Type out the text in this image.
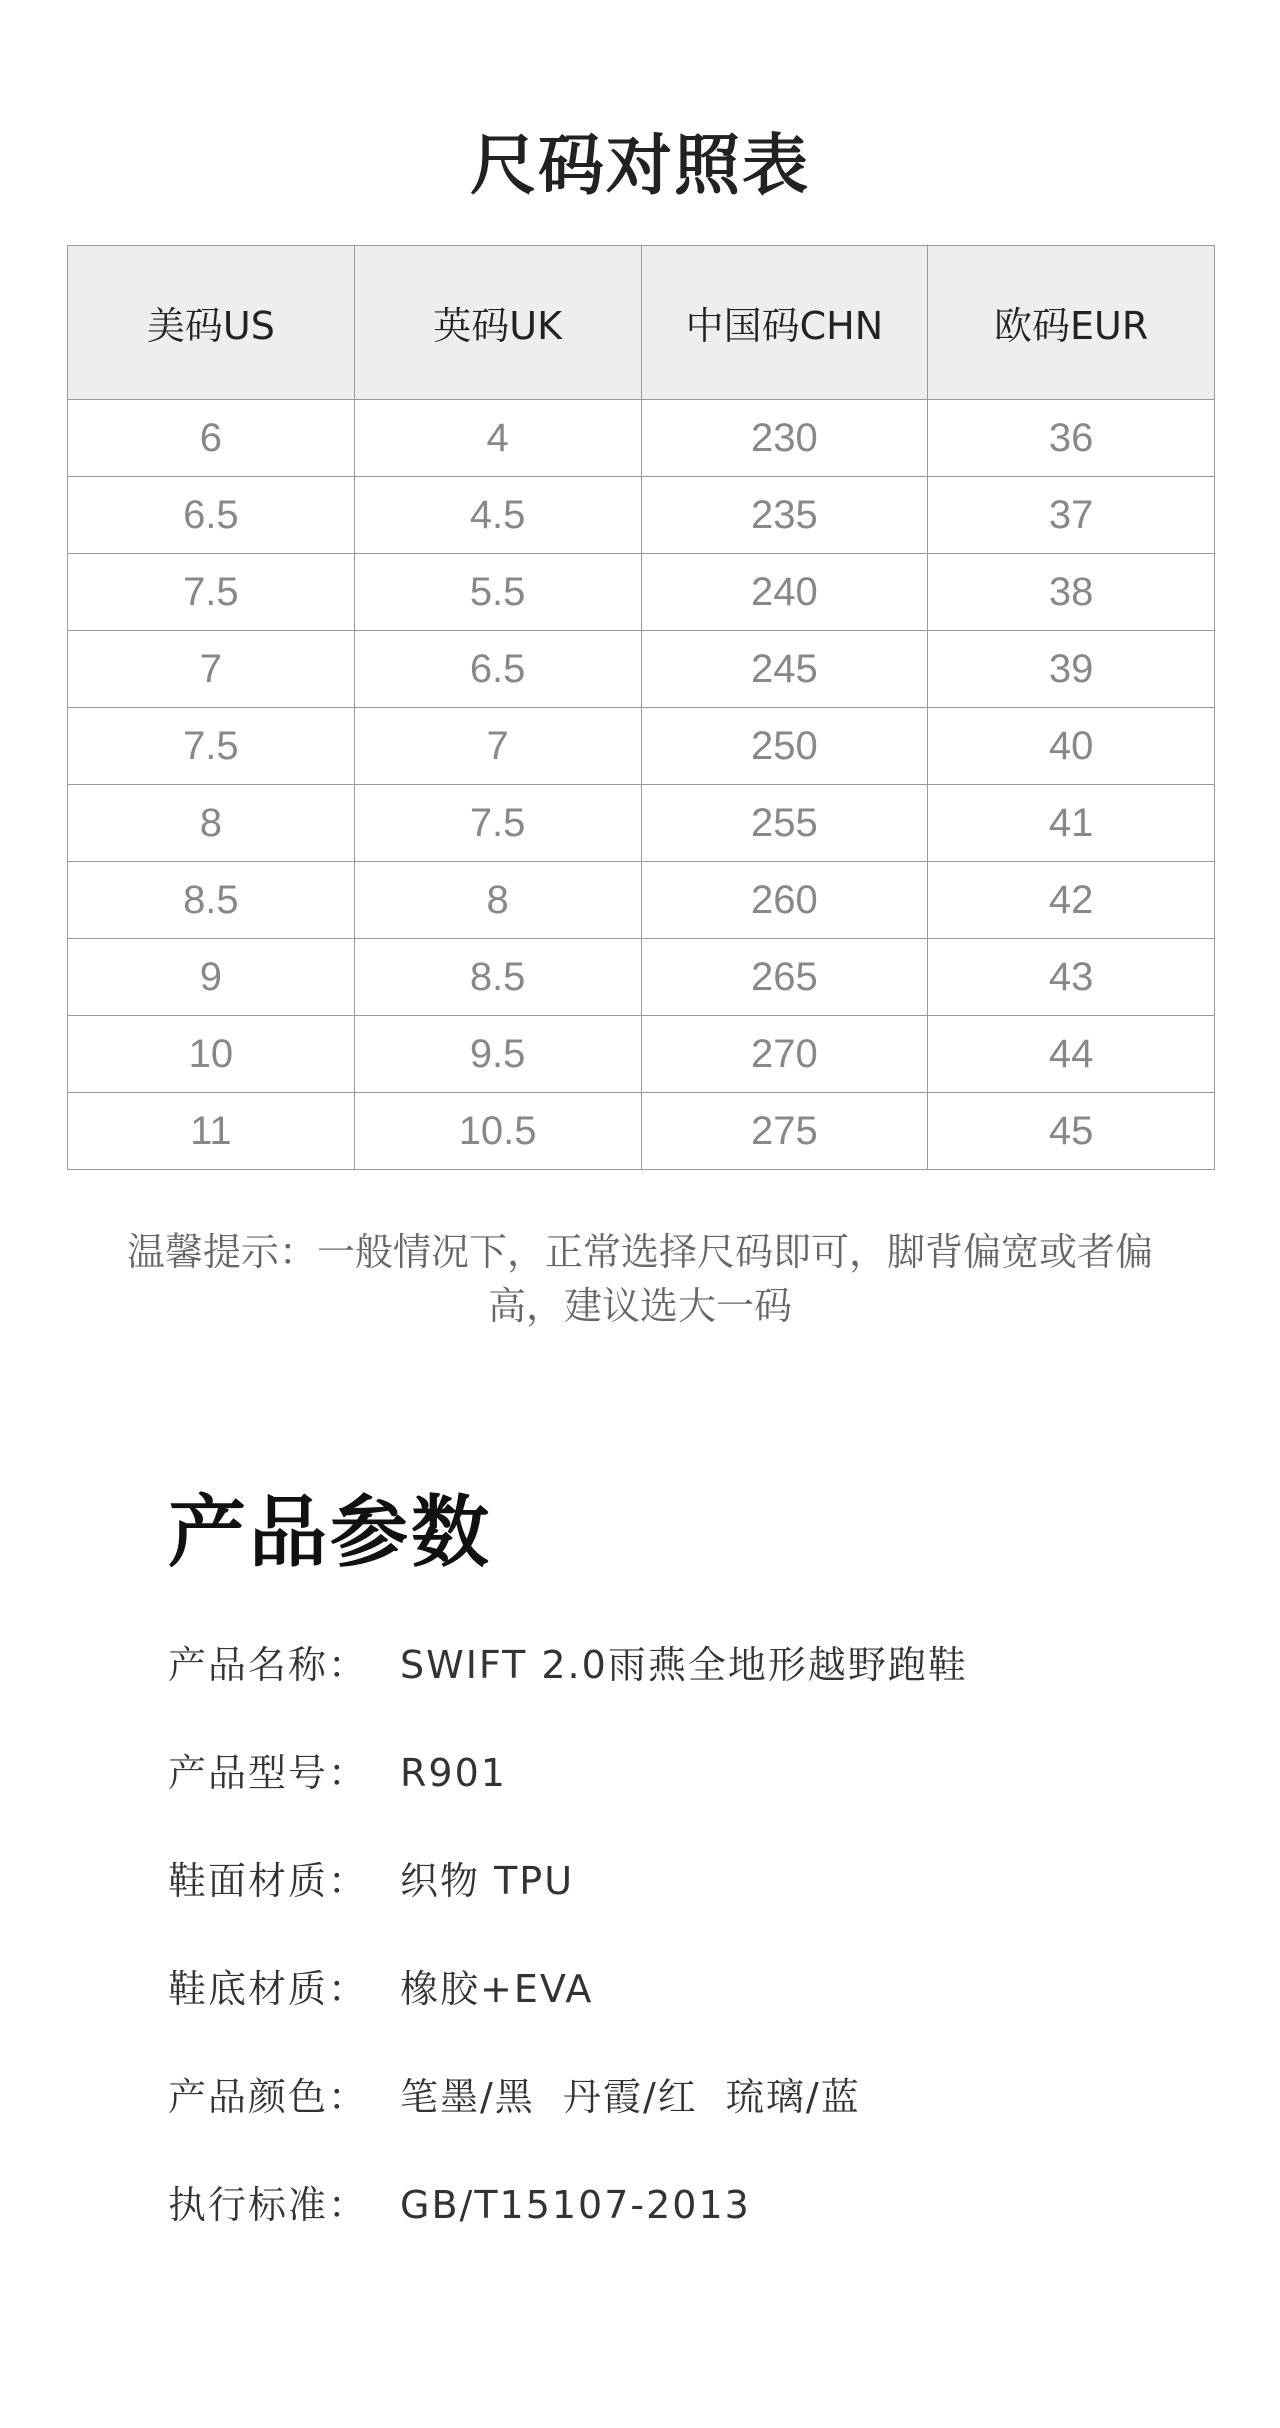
尺码对照表
美码US	英码UK	中国码CHN	欧码EUR
6	4	230	36
6.5	4.5	235	37
7.5	5.5	240	38
7	6.5	245	39
7.5	7	250	40
8	7.5	255	41
8.5	8	260	42
9	8.5	265	43
10	9.5	270	44
11	10.5	275	45

温馨提示：一般情况下，正常选择尺码即可，脚背偏宽或者偏高，建议选大一码

产品参数
产品名称： SWIFT 2.0雨燕全地形越野跑鞋
产品型号： R901
鞋面材质： 织物 TPU
鞋底材质： 橡胶+EVA
产品颜色： 笔墨/黑  丹霞/红  琉璃/蓝
执行标准： GB/T15107-2013
